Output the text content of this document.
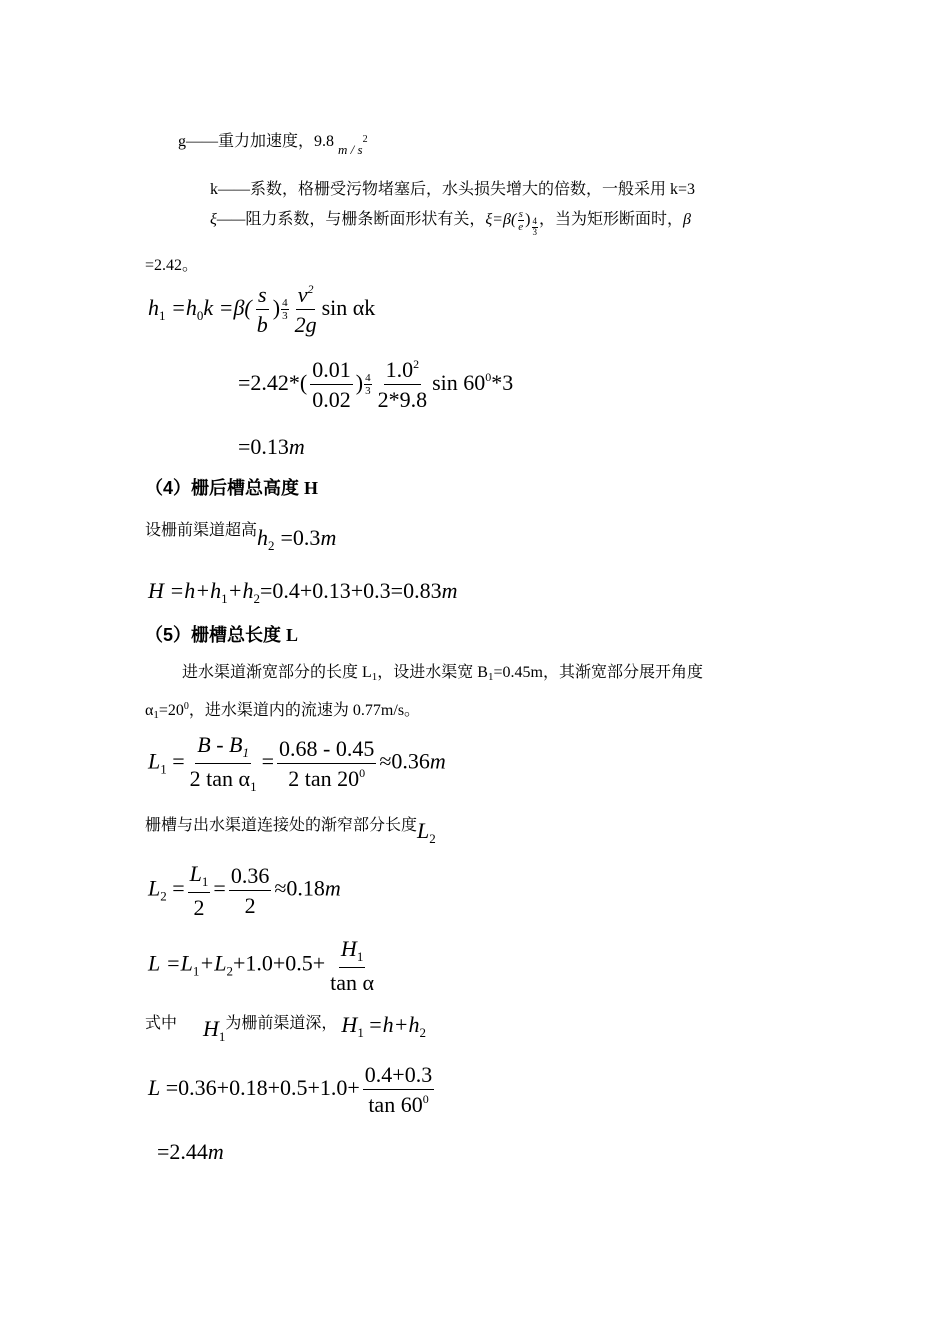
g——重力加速度，9.8 $_{m / s}^2$
k——系数，格栅受污物堵塞后，水头损失增大的倍数，一般采用 k=3
ξ——阻力系数，与栅条断面形状有关，$\xi=\beta( \frac{s}{e}$ ) $\frac{4}{3}$ ，当为矩形断面时，β
=2.42。
$h_1 =h_0k =\beta( \frac{s}{b}$ ) $\frac{4}{3} \frac{v^2}{2g}$ sin αk
$=2.42*( \frac{0.01}{0.02}$ ) $\frac{4}{3} \frac{1.0^2}{2*9.8}$ $\sin 60^0*3$
=0.13m
（4）栅后槽总高度 H
设栅前渠道超高$h_2 =0.3m$
$H =h+h_1+h_2=0.4+0.13+0.3=0.83m$
（5）栅槽总长度 L
进水渠道渐宽部分的长度 L1，设进水渠宽 B1=0.45m，其渐宽部分展开角度
$\alpha 1=20^0$，进水渠道内的流速为 0.77m/s。
$L_1 = \frac{B - B_1}{2 \tan \alpha_1} = \frac{0.68 - 0.45}{2 \tan 20^0} \approx 0.36m$
栅槽与出水渠道连接处的渐窄部分长度$L_2$
$L_2 = \frac{L_1}{2} = \frac{0.36}{2} \approx 0.18m$
$L =L_1+L_2+1.0+0.5+ \frac{H_1}{\text{tan α}}$
式中 $H_1$为栅前渠道深， $H_1 =h+h_2$
$L =0.36+0.18+0.5+1.0+ \frac{0.4+0.3}{\tan 60^0}$
=2.44m
